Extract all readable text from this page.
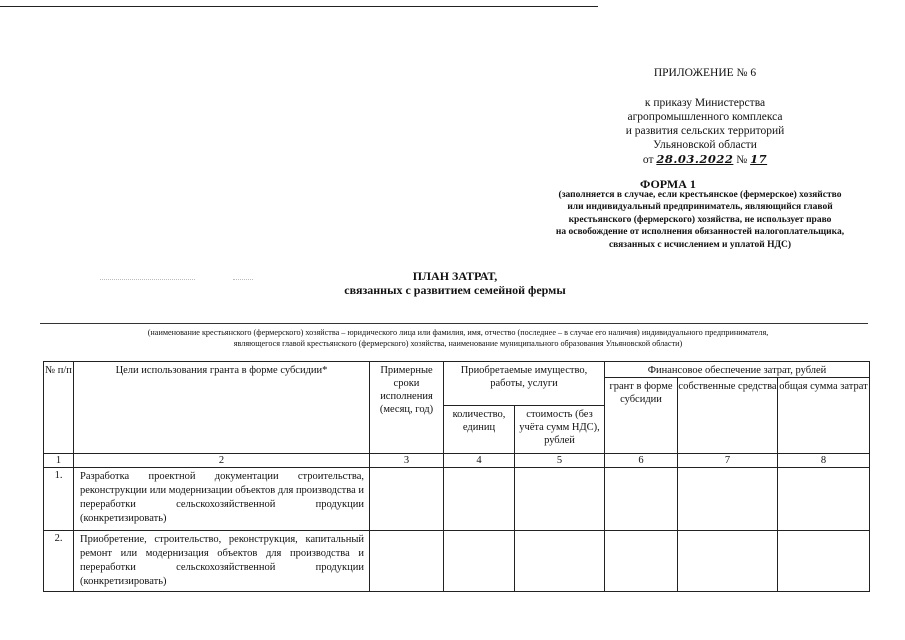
ПРИЛОЖЕНИЕ № 6
к приказу Министерства
агропромышленного комплекса
и развития сельских территорий
Ульяновской области
от 28.03.2022 № 17
ФОРМА 1
(заполняется в случае, если крестьянское (фермерское) хозяйство
или индивидуальный предприниматель, являющийся главой
крестьянского (фермерского) хозяйства, не использует право
на освобождение от исполнения обязанностей налогоплательщика,
связанных с исчислением и уплатой НДС)
ПЛАН ЗАТРАТ,
связанных с развитием семейной фермы
(наименование крестьянского (фермерского) хозяйства – юридического лица или фамилия, имя, отчество (последнее – в случае его наличия) индивидуального предпринимателя,
являющегося главой крестьянского (фермерского) хозяйства, наименование муниципального образования Ульяновской области)
№ п/п	Цели использования гранта в форме субсидии*	Примерные сроки исполнения (месяц, год)	Приобретаемые имущество, работы, услуги		Финансовое обеспечение затрат, рублей		
					грант в форме субсидии	собственные средства	общая сумма затрат
			количество, единиц	стоимость (без учёта сумм НДС), рублей			
1	2	3	4	5	6	7	8
1.	Разработка проектной документации строительства, реконструкции или модернизации объектов для производства и переработки сельскохозяйственной продукции (конкретизировать)						
2.	Приобретение, строительство, реконструкция, капитальный ремонт или модернизация объектов для производства и переработки сельскохозяйственной продукции (конкретизировать)						
